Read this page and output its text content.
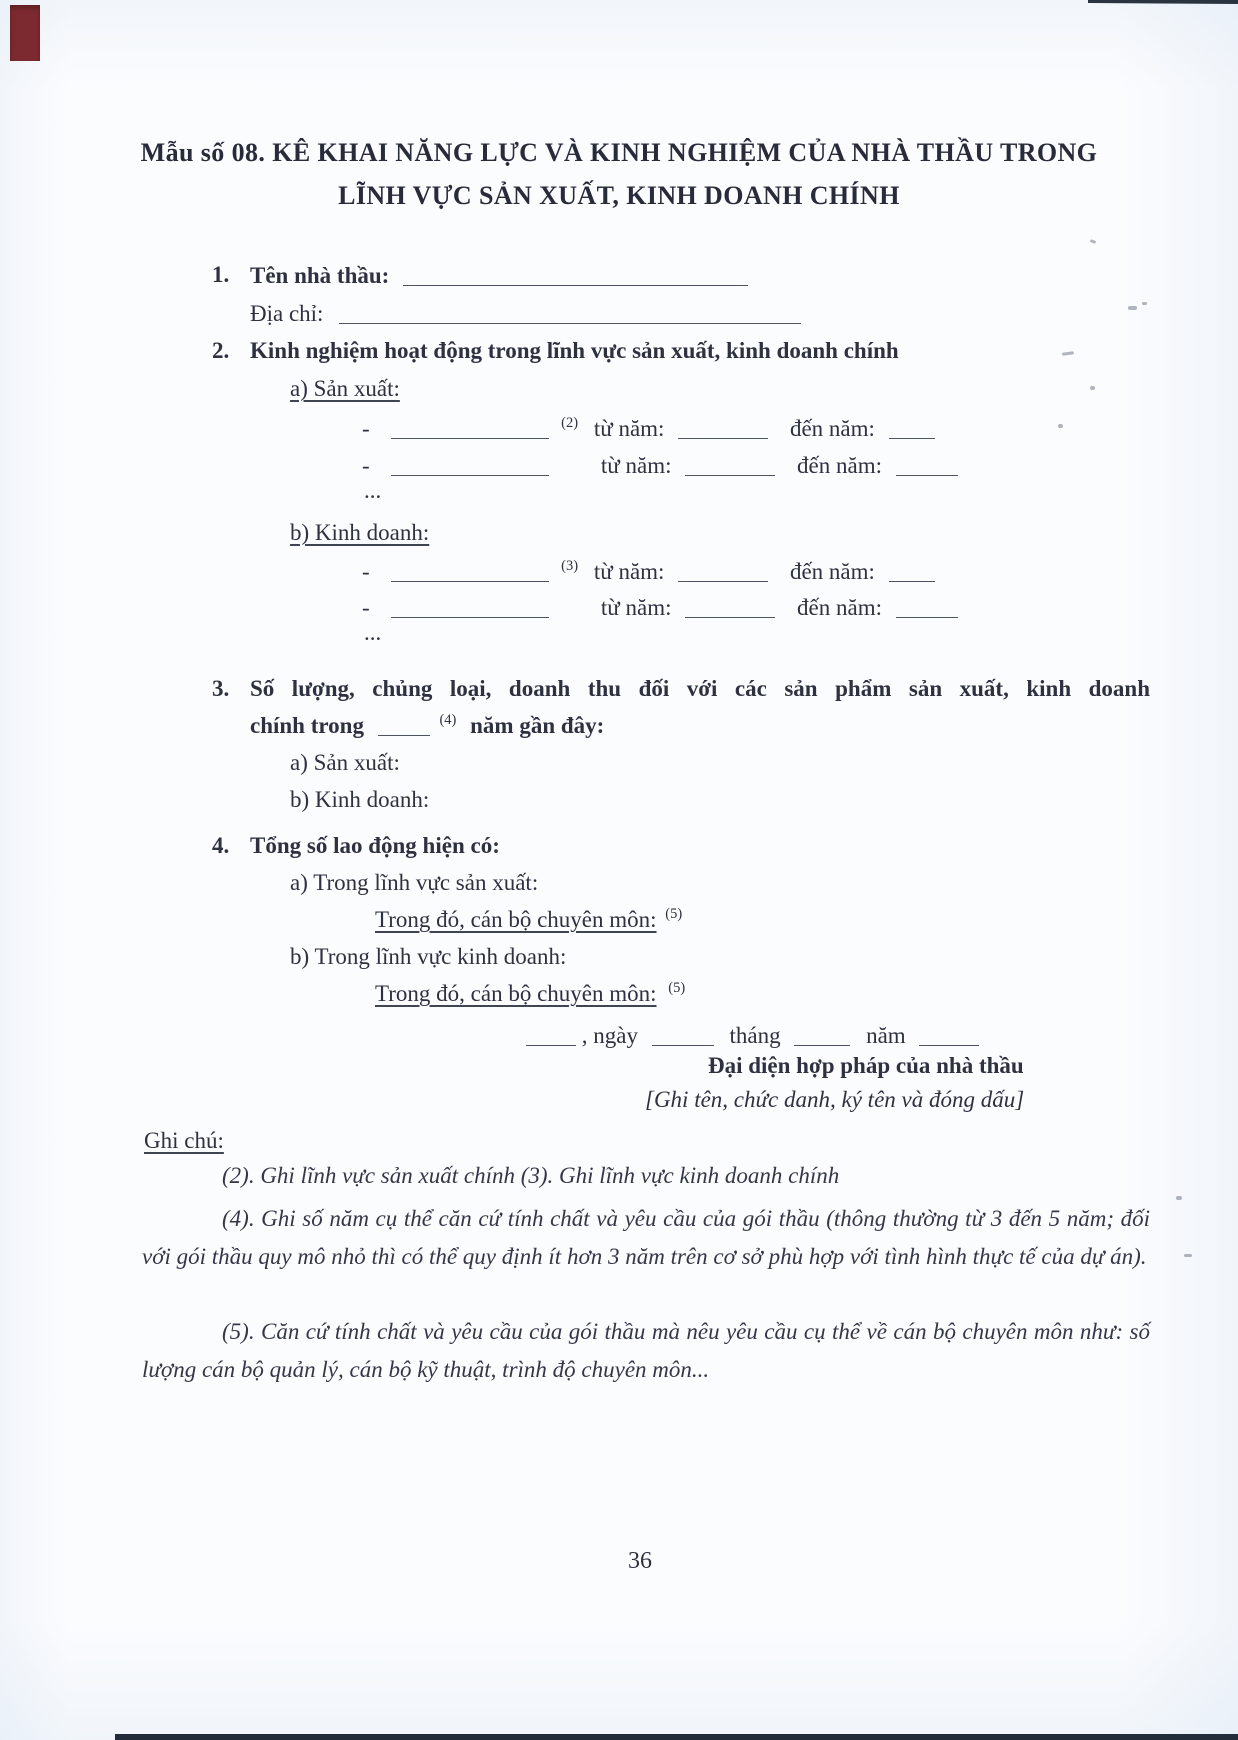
Mẫu số 08. KÊ KHAI NĂNG LỰC VÀ KINH NGHIỆM CỦA NHÀ THẦU TRONG
LĨNH VỰC SẢN XUẤT, KINH DOANH CHÍNH
1. Tên nhà thầu:
Địa chỉ:
2. Kinh nghiệm hoạt động trong lĩnh vực sản xuất, kinh doanh chính
a) Sản xuất:
-	$^{(2)}$ từ năm:	đến năm:
-	từ năm:	đến năm:
...
b) Kinh doanh:
-	$^{(3)}$ từ năm:	đến năm:
-	từ năm:	đến năm:
...
3. Số lượng, chủng loại, doanh thu đối với các sản phẩm sản xuất, kinh doanh
chính trong	$^{(4)}$ năm gần đây:
a) Sản xuất:
b) Kinh doanh:
4. Tổng số lao động hiện có:
a) Trong lĩnh vực sản xuất:
Trong đó, cán bộ chuyên môn: $^{(5)}$
b) Trong lĩnh vực kinh doanh:
Trong đó, cán bộ chuyên môn: $^{(5)}$
, ngày	tháng	năm
Đại diện hợp pháp của nhà thầu
[Ghi tên, chức danh, ký tên và đóng dấu]
Ghi chú:
(2). Ghi lĩnh vực sản xuất chính (3). Ghi lĩnh vực kinh doanh chính
(4). Ghi số năm cụ thể căn cứ tính chất và yêu cầu của gói thầu (thông thường từ 3 đến 5 năm; đối với gói thầu quy mô nhỏ thì có thể quy định ít hơn 3 năm trên cơ sở phù hợp với tình hình thực tế của dự án).
(5). Căn cứ tính chất và yêu cầu của gói thầu mà nêu yêu cầu cụ thể về cán bộ chuyên môn như: số lượng cán bộ quản lý, cán bộ kỹ thuật, trình độ chuyên môn...
36
